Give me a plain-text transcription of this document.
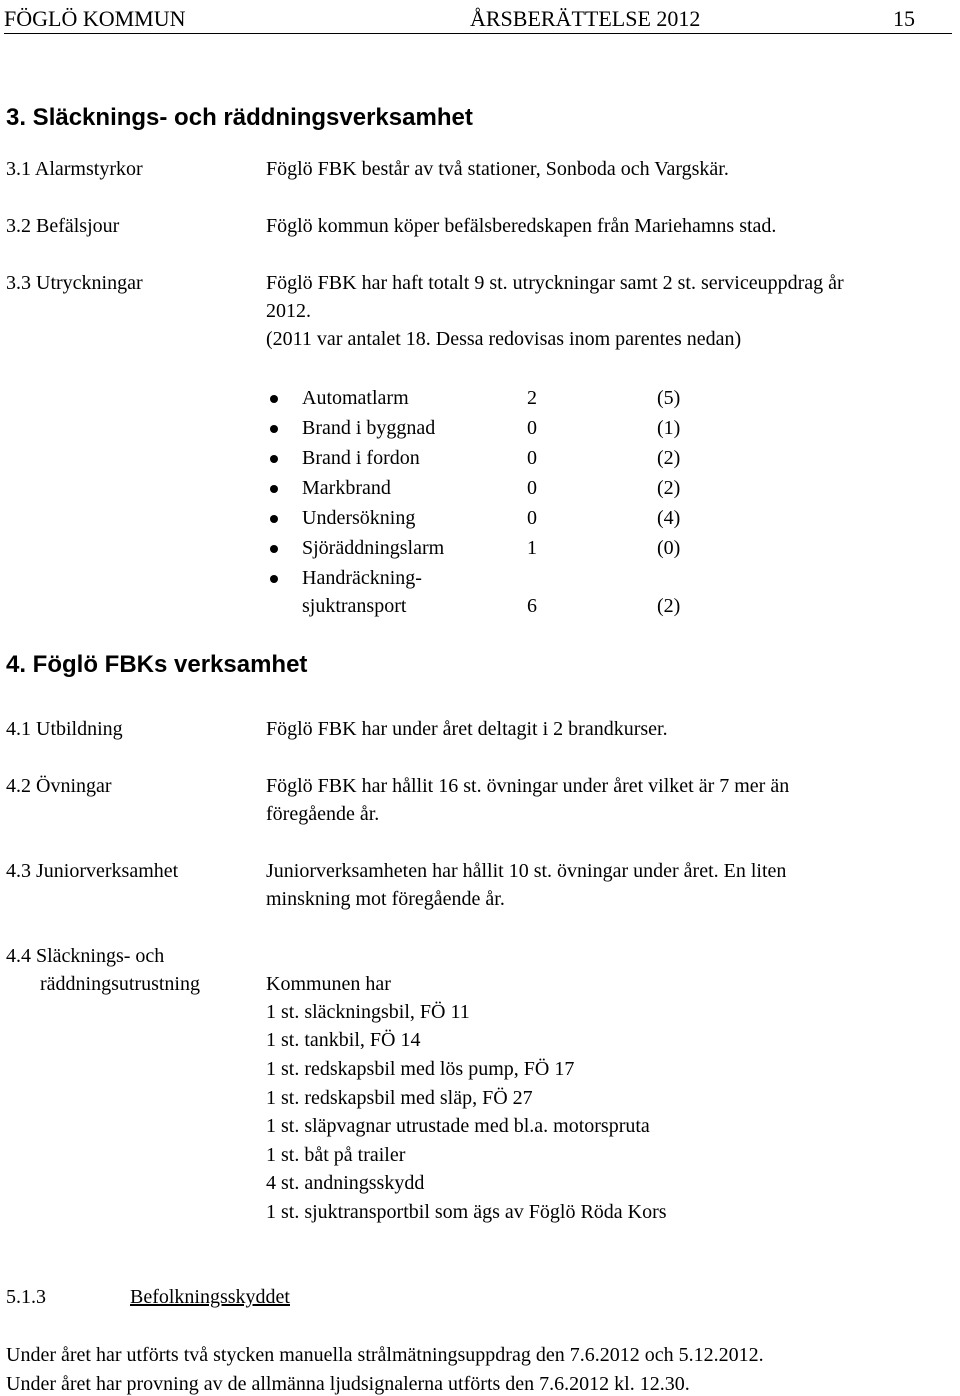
FÖGLÖ KOMMUN	ÅRSBERÄTTELSE 2012	15
3. Släcknings- och räddningsverksamhet
3.1 Alarmstyrkor	Föglö FBK består av två stationer, Sonboda och Vargskär.
3.2 Befälsjour	Föglö kommun köper befälsberedskapen från Mariehamns stad.
3.3 Utryckningar	Föglö FBK har haft totalt 9 st. utryckningar samt 2 st. serviceuppdrag år
2012.
(2011 var antalet 18. Dessa redovisas inom parentes nedan)
Automatlarm	2	(5)
Brand i byggnad	0	(1)
Brand i fordon	0	(2)
Markbrand	0	(2)
Undersökning	0	(4)
Sjöräddningslarm	1	(0)
Handräckning-
sjuktransport	6	(2)
4. Föglö FBKs verksamhet
4.1 Utbildning	Föglö FBK har under året deltagit i 2 brandkurser.
4.2 Övningar	Föglö FBK har hållit 16 st. övningar under året vilket är 7 mer än
föregående år.
4.3 Juniorverksamhet	Juniorverksamheten har hållit 10 st. övningar under året. En liten
minskning mot föregående år.
4.4 Släcknings- och
räddningsutrustning	Kommunen har
1 st. släckningsbil, FÖ 11
1 st. tankbil, FÖ 14
1 st. redskapsbil med lös pump, FÖ 17
1 st. redskapsbil med släp, FÖ 27
1 st. släpvagnar utrustade med bl.a. motorspruta
1 st. båt på trailer
4 st. andningsskydd
1 st. sjuktransportbil som ägs av Föglö Röda Kors
5.1.3	Befolkningsskyddet
Under året har utförts två stycken manuella strålmätningsuppdrag den 7.6.2012 och 5.12.2012.
Under året har provning av de allmänna ljudsignalerna utförts den 7.6.2012 kl. 12.30.
